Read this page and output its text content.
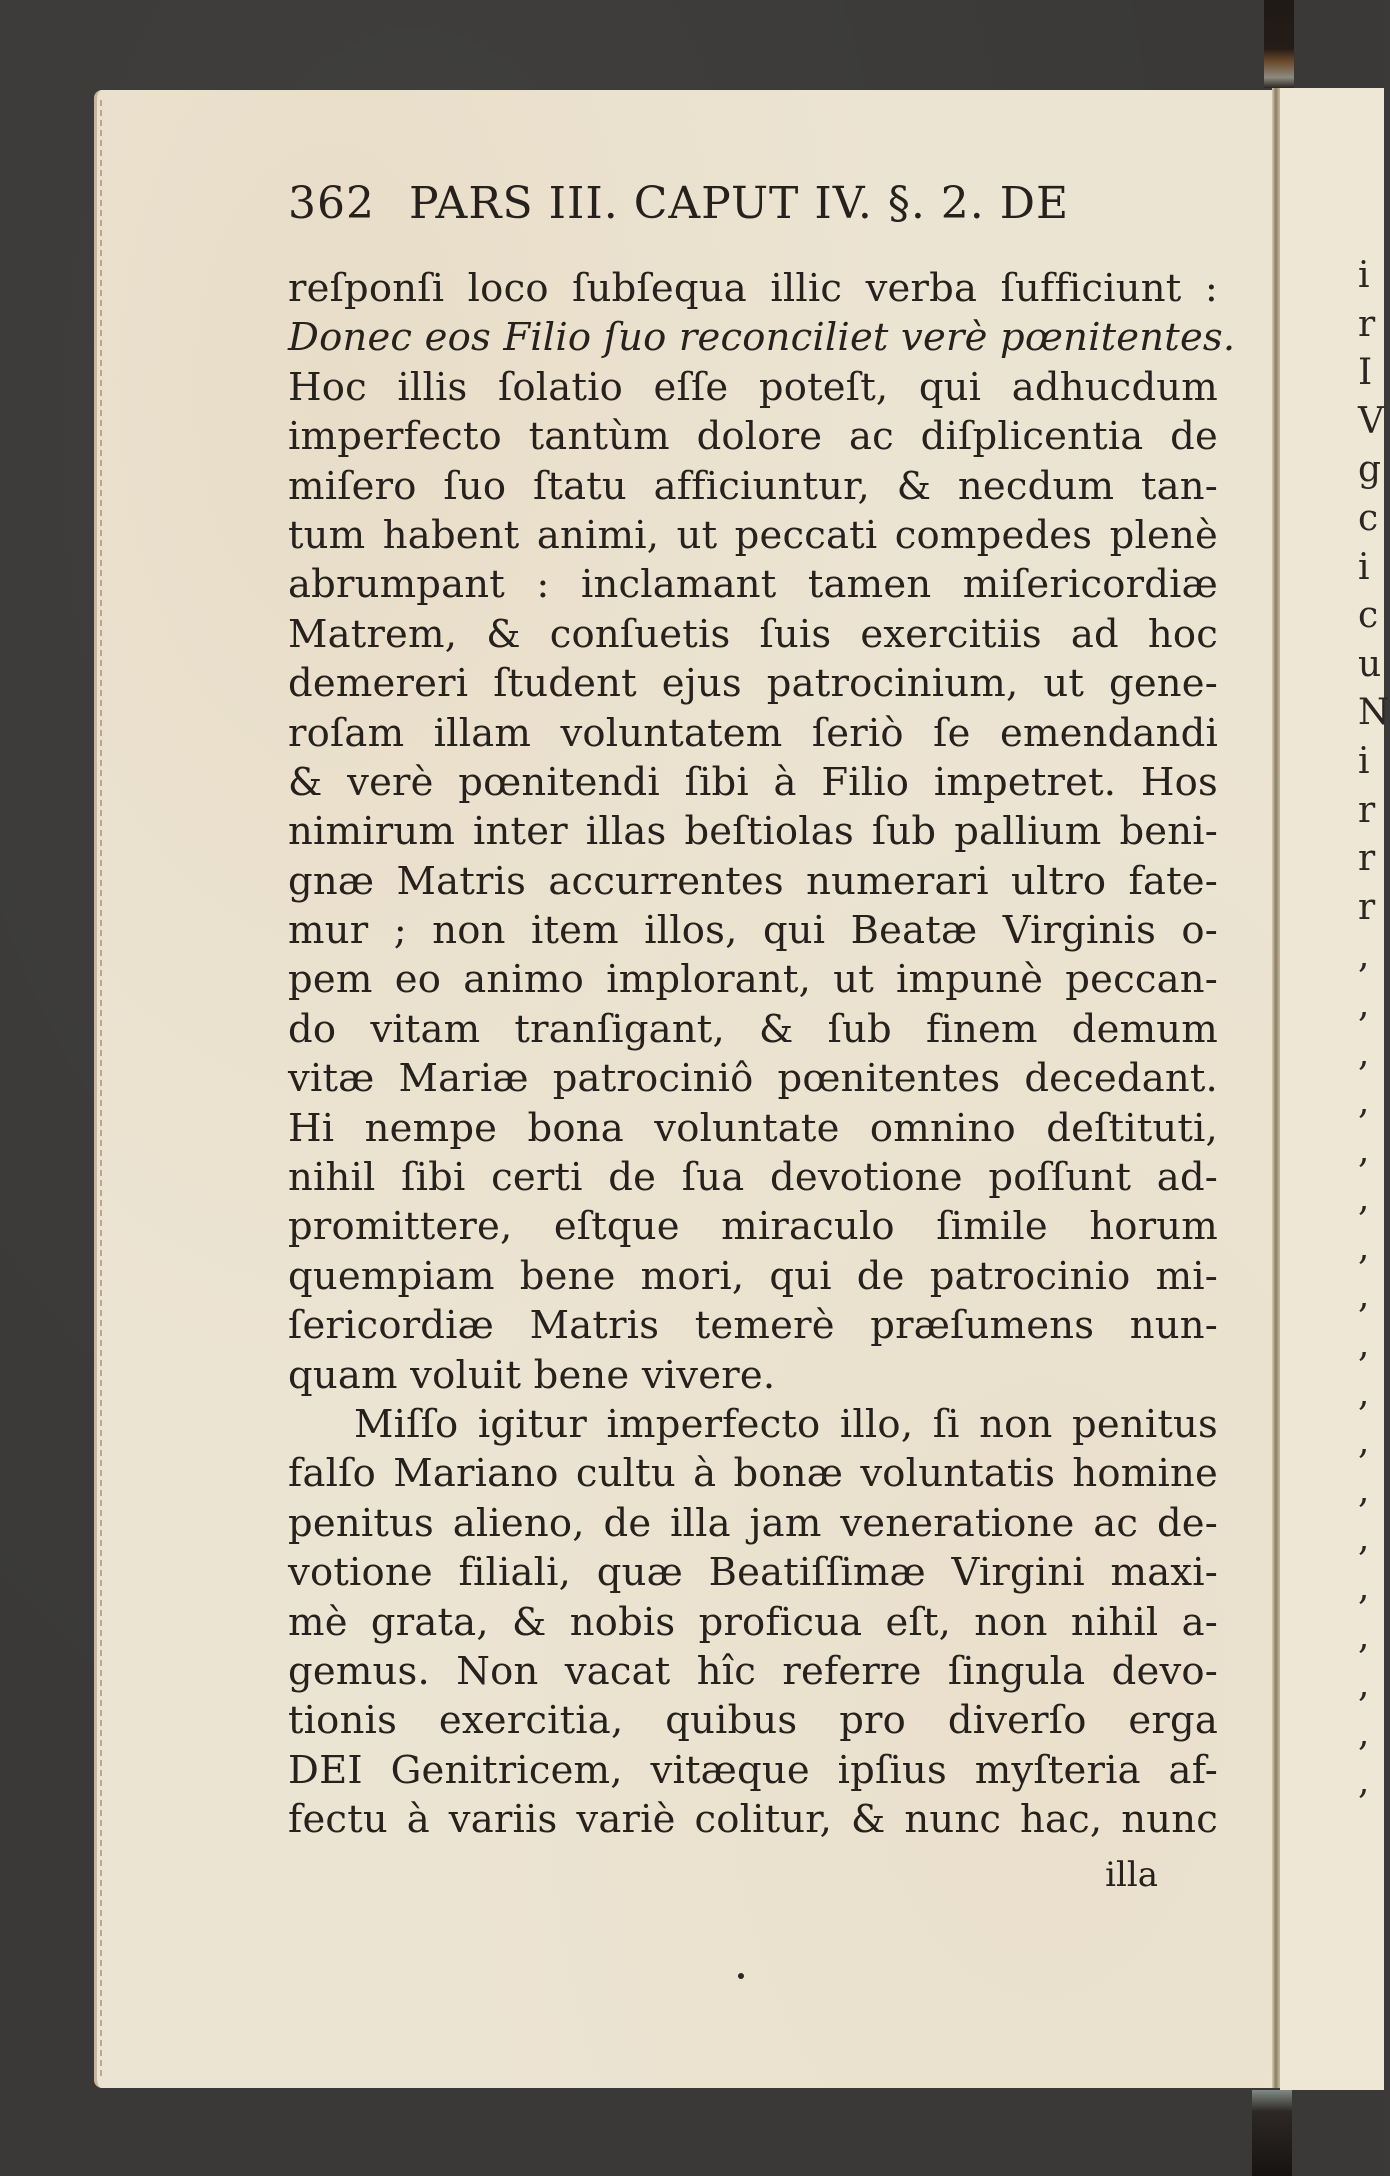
i
r
I
V
g
c
i
c
u
N
i
r
r
r
,
,
,
,
,
,
,
,
,
,
,
,
,
,
,
,
,
,
362 PARS III. CAPUT IV. §. 2. DE
reſponſi loco ſubſequa illic verba ſufficiunt :
Donec eos Filio ſuo reconciliet verè pœnitentes.
Hoc illis ſolatio eſſe poteſt, qui adhucdum
imperfecto tantùm dolore ac diſplicentia de
miſero ſuo ſtatu afficiuntur, & necdum tan-
tum habent animi, ut peccati compedes plenè
abrumpant : inclamant tamen miſericordiæ
Matrem, & conſuetis ſuis exercitiis ad hoc
demereri ſtudent ejus patrocinium, ut gene-
roſam illam voluntatem ſeriò ſe emendandi
& verè pœnitendi ſibi à Filio impetret. Hos
nimirum inter illas beſtiolas ſub pallium beni-
gnæ Matris accurrentes numerari ultro fate-
mur ; non item illos, qui Beatæ Virginis o-
pem eo animo implorant, ut impunè peccan-
do vitam tranſigant, & ſub finem demum
vitæ Mariæ patrociniô pœnitentes decedant.
Hi nempe bona voluntate omnino deſtituti,
nihil ſibi certi de ſua devotione poſſunt ad-
promittere, eſtque miraculo ſimile horum
quempiam bene mori, qui de patrocinio mi-
ſericordiæ Matris temerè præſumens nun-
quam voluit bene vivere.
Miſſo igitur imperfecto illo, ſi non penitus
falſo Mariano cultu à bonæ voluntatis homine
penitus alieno, de illa jam veneratione ac de-
votione filiali, quæ Beatiſſimæ Virgini maxi-
mè grata, & nobis proficua eſt, non nihil a-
gemus. Non vacat hîc referre ſingula devo-
tionis exercitia, quibus pro diverſo erga
DEI Genitricem, vitæque ipſius myſteria af-
fectu à variis variè colitur, & nunc hac, nunc
illa
